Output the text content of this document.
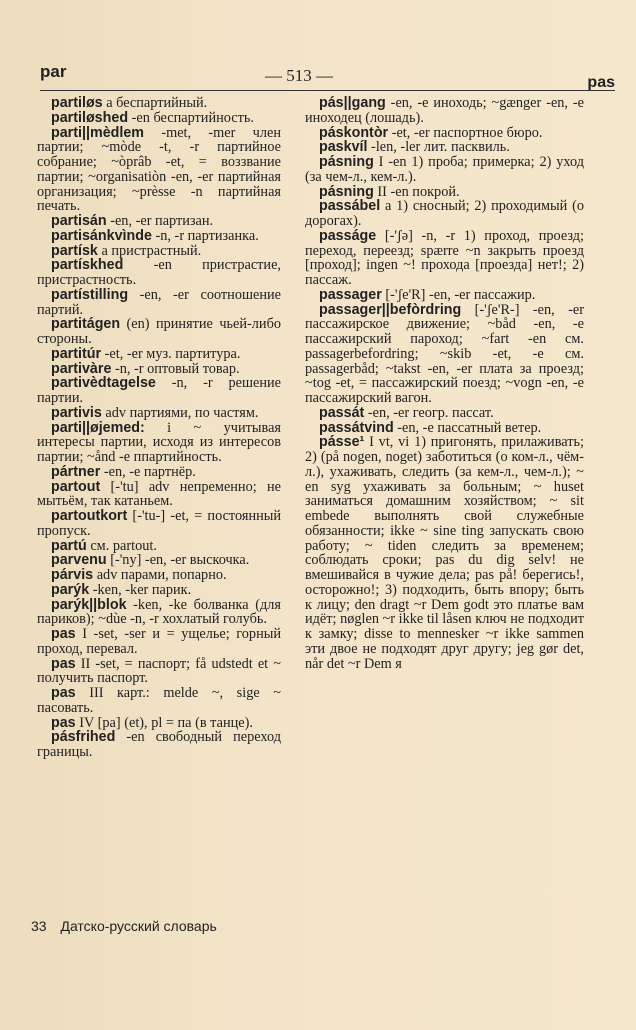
par	— 513 —	pas

partiløs a беспартийный.

partiløshed -en беспартийность.

parti||mèdlem -met, -mer член партии; ~mòde -t, -r партийное собрание; ~òprâb -et, = воззвание партии; ~organisatiòn -en, -er партийная организация; ~prèsse -n партийная печать.

partisán -en, -er партизан.

partisánkvìnde -n, -r партизанка.

partísk a пристрастный.

partískhed -en пристрастие, пристрастность.

partístilling -en, -er соотношение партий.

partitágen (en) принятие чьей-либо стороны.

partitúr -et, -er муз. партитура.

partivàre -n, -r оптовый товар.

partivèdtagelse -n, -r решение партии.

partivis adv партиями, по частям.

parti||øjemed: i ~ учитывая интересы партии, исходя из интересов партии; ~ånd -e ппартийность.

pártner -en, -e партнёр.

partout [-'tu] adv непременно; не мытьём, так катаньем.

partoutkort [-'tu-] -et, = постоянный пропуск.

partú см. partout.

parvenu [-'ny] -en, -er выскочка.

párvis adv парами, попарно.

parýk -ken, -ker парик.

parýk||blok -ken, -ke болванка (для париков); ~dùe -n, -r хохлатый голубь.

pas I -set, -ser и = ущелье; горный проход, перевал.

pas II -set, = паспорт; få udstedt et ~ получить паспорт.

pas III карт.: melde ~, sige ~ пасовать.

pas IV [pa] (et), pl = па (в танце).

pásfrihed -en свободный переход границы.

pás||gang -en, -e иноходь; ~gænger -en, -e иноходец (лошадь).

páskontòr -et, -er паспортное бюро.

paskvíl -len, -ler лит. пасквиль.

pásning I -en 1) проба; примерка; 2) уход (за чем-л., кем-л.).

pásning II -en покрой.

passábel a 1) сносный; 2) проходимый (о дорогах).

passáge [-'ʃə] -n, -r 1) проход, проезд; переход, переезд; spærre ~n закрыть проезд [проход]; ingen ~! прохода [проезда] нет!; 2) пассаж.

passager [-'ʃe'R] -en, -er пассажир.

passager||befòrdring [-'ʃe'R-] -en, -er пассажирское движение; ~båd -en, -e пассажирский пароход; ~fart -en см. passagerbefordring; ~skib -et, -e см. passagerbåd; ~takst -en, -er плата за проезд; ~tog -et, = пассажирский поезд; ~vogn -en, -e пассажирский вагон.

passát -en, -er геогр. пассат.

passátvind -en, -e пассатный ветер.

pásse¹ I vt, vi 1) пригонять, прилаживать; 2) (på nogen, noget) заботиться (о ком-л., чём-л.), ухаживать, следить (за кем-л., чем-л.); ~ en syg ухаживать за больным; ~ huset заниматься домашним хозяйством; ~ sit embede выполнять свой служебные обязанности; ikke ~ sine ting запускать свою работу; ~ tiden следить за временем; соблюдать сроки; pas du dig selv! не вмешивайся в чужие дела; pas på! берегись!, осторожно!; 3) подходить, быть впору; быть к лицу; den dragt ~r Dem godt это платье вам идёт; nøglen ~r ikke til låsen ключ не подходит к замку; disse to mennesker ~r ikke sammen эти двое не подходят друг другу; jeg gør det, når det ~r Dem я

33 Датско-русский словарь
